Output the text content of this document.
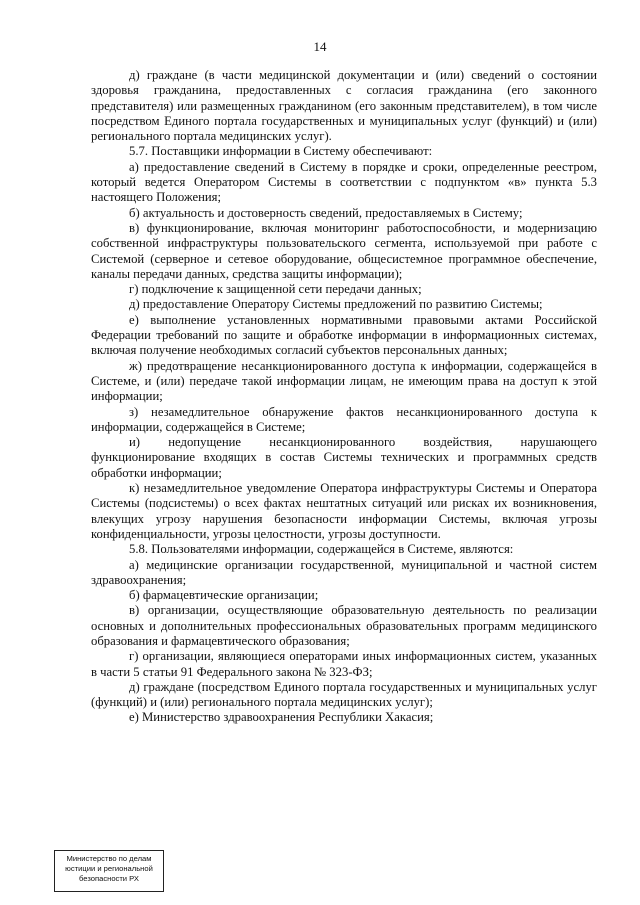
14

д) граждане (в части медицинской документации и (или) сведений о состоянии здоровья гражданина, предоставленных с согласия гражданина (его законного представителя) или размещенных гражданином (его законным представителем), в том числе посредством Единого портала государственных и муниципальных услуг (функций) и (или) регионального портала медицинских услуг).

5.7. Поставщики информации в Систему обеспечивают:

а) предоставление сведений в Систему в порядке и сроки, определенные реестром, который ведется Оператором Системы в соответствии с подпунктом «в» пункта 5.3 настоящего Положения;

б) актуальность и достоверность сведений, предоставляемых в Систему;

в) функционирование, включая мониторинг работоспособности, и модернизацию собственной инфраструктуры пользовательского сегмента, используемой при работе с Системой (серверное и сетевое оборудование, общесистемное программное обеспечение, каналы передачи данных, средства защиты информации);

г) подключение к защищенной сети передачи данных;

д) предоставление Оператору Системы предложений по развитию Системы;

е) выполнение установленных нормативными правовыми актами Российской Федерации требований по защите и обработке информации в информационных системах, включая получение необходимых согласий субъектов персональных данных;

ж) предотвращение несанкционированного доступа к информации, содержащейся в Системе, и (или) передаче такой информации лицам, не имеющим права на доступ к этой информации;

з) незамедлительное обнаружение фактов несанкционированного доступа к информации, содержащейся в Системе;

и) недопущение несанкционированного воздействия, нарушающего функционирование входящих в состав Системы технических и программных средств обработки информации;

к) незамедлительное уведомление Оператора инфраструктуры Системы и Оператора Системы (подсистемы) о всех фактах нештатных ситуаций или рисках их возникновения, влекущих угрозу нарушения безопасности информации Системы, включая угрозы конфиденциальности, угрозы целостности, угрозы доступности.

5.8. Пользователями информации, содержащейся в Системе, являются:

а) медицинские организации государственной, муниципальной и частной систем здравоохранения;

б) фармацевтические организации;

в) организации, осуществляющие образовательную деятельность по реализации основных и дополнительных профессиональных образовательных программ медицинского образования и фармацевтического образования;

г) организации, являющиеся операторами иных информационных систем, указанных в части 5 статьи 91 Федерального закона № 323-ФЗ;

д) граждане (посредством Единого портала государственных и муниципальных услуг (функций) и (или) регионального портала медицинских услуг);

е) Министерство здравоохранения Республики Хакасия;

Министерство по делам
юстиции и региональной
безопасности РХ
